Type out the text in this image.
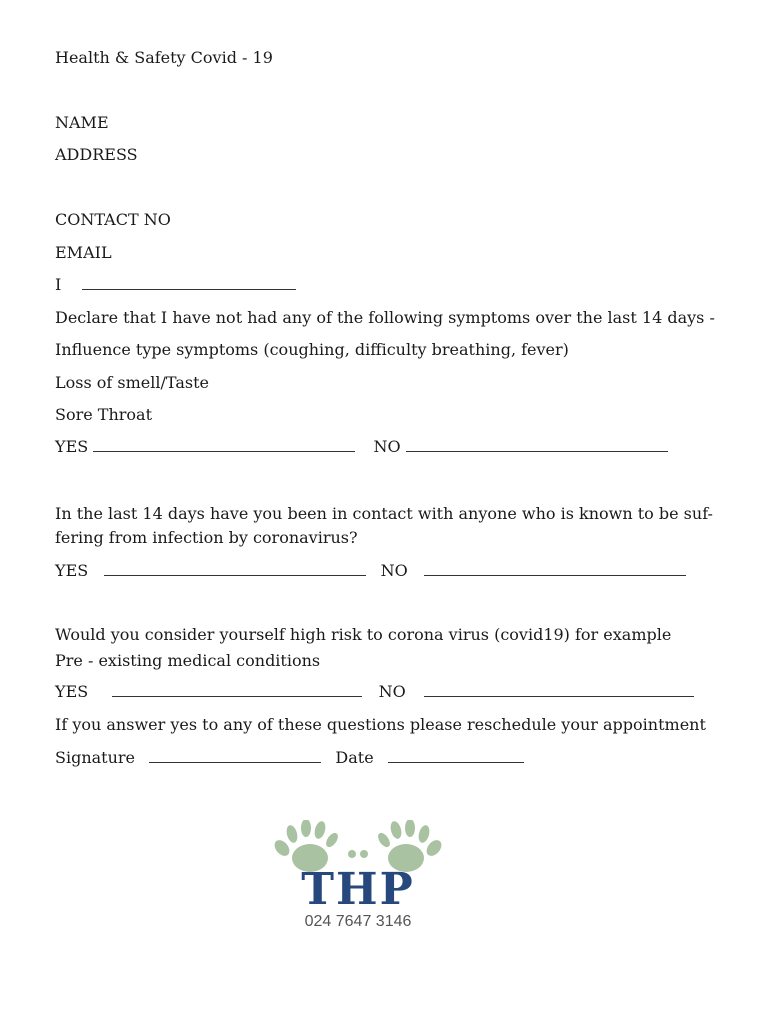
Health & Safety Covid - 19
NAME
ADDRESS
CONTACT NO
EMAIL
I
Declare that I have not had any of the following symptoms over the last 14 days -
Influence type symptoms (coughing, difficulty breathing, fever)
Loss of smell/Taste
Sore Throat
YES	NO
In the last 14 days have you been in contact with anyone who is known to be suf-fering from infection by coronavirus?
YES	NO
Would you consider yourself high risk to corona virus (covid19) for example
Pre - existing medical conditions
YES	NO
If you answer yes to any of these questions please reschedule your appointment
Signature	Date
THP
024 7647 3146
